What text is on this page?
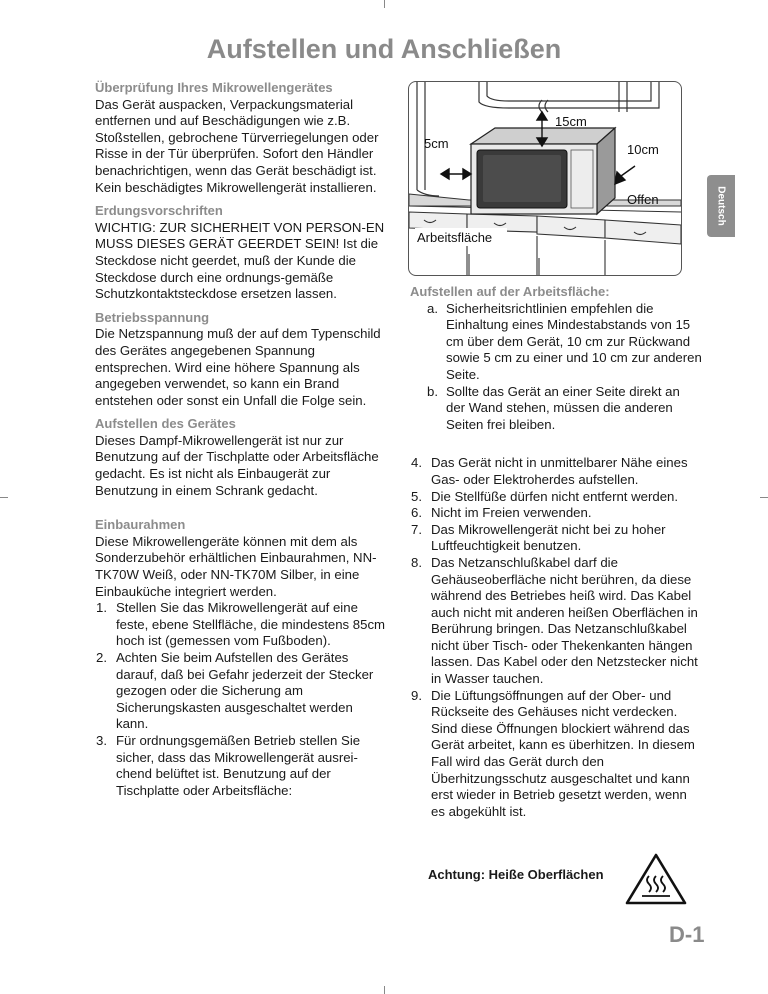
Aufstellen und Anschließen
Deutsch

Überprüfung Ihres Mikrowellengerätes

Das Gerät auspacken, Verpackungsmaterial entfernen und auf Beschädigungen wie z.B. Stoßstellen, gebrochene Türverriegelungen oder Risse in der Tür überprüfen. Sofort den Händler benachrichtigen, wenn das Gerät beschädigt ist. Kein beschädigtes Mikrowellengerät installieren.

Erdungsvorschriften

WICHTIG: ZUR SICHERHEIT VON PERSON-EN MUSS DIESES GERÄT GEERDET SEIN! Ist die Steckdose nicht geerdet, muß der Kunde die Steckdose durch eine ordnungs-gemäße Schutzkontaktsteckdose ersetzen lassen.

Betriebsspannung

Die Netzspannung muß der auf dem Typenschild des Gerätes angegebenen Spannung entsprechen. Wird eine höhere Spannung als angegeben verwendet, so kann ein Brand entstehen oder sonst ein Unfall die Folge sein.

Aufstellen des Gerätes

Dieses Dampf-Mikrowellengerät ist nur zur Benutzung auf der Tischplatte oder Arbeitsfläche gedacht. Es ist nicht als Einbaugerät zur Benutzung in einem Schrank gedacht.

Einbaurahmen

Diese Mikrowellengeräte können mit dem als Sonderzubehör erhältlichen Einbaurahmen, NN-TK70W Weiß, oder NN-TK70M Silber, in eine Einbauküche integriert werden.

1. Stellen Sie das Mikrowellengerät auf eine feste, ebene Stellfläche, die mindestens 85cm hoch ist (gemessen vom Fußboden).
2. Achten Sie beim Aufstellen des Gerätes darauf, daß bei Gefahr jederzeit der Stecker gezogen oder die Sicherung am Sicherungskasten ausgeschaltet werden kann.
3. Für ordnungsgemäßen Betrieb stellen Sie sicher, dass das Mikrowellengerät ausrei-chend belüftet ist. Benutzung auf der Tischplatte oder Arbeitsfläche:
15cm
5cm	10cm
Offen
Arbeitsfläche

Aufstellen auf der Arbeitsfläche:

a. Sicherheitsrichtlinien empfehlen die Einhaltung eines Mindestabstands von 15 cm über dem Gerät, 10 cm zur Rückwand sowie 5 cm zu einer und 10 cm zur anderen Seite.
b. Sollte das Gerät an einer Seite direkt an der Wand stehen, müssen die anderen Seiten frei bleiben.
4. Das Gerät nicht in unmittelbarer Nähe eines Gas- oder Elektroherdes aufstellen.
5. Die Stellfüße dürfen nicht entfernt werden.
6. Nicht im Freien verwenden.
7. Das Mikrowellengerät nicht bei zu hoher Luftfeuchtigkeit benutzen.
8. Das Netzanschlußkabel darf die Gehäuseoberfläche nicht berühren, da diese während des Betriebes heiß wird. Das Kabel auch nicht mit anderen heißen Oberflächen in Berührung bringen. Das Netzanschlußkabel nicht über Tisch- oder Thekenkanten hängen lassen. Das Kabel oder den Netzstecker nicht in Wasser tauchen.
9. Die Lüftungsöffnungen auf der Ober- und Rückseite des Gehäuses nicht verdecken. Sind diese Öffnungen blockiert während das Gerät arbeitet, kann es überhitzen. In diesem Fall wird das Gerät durch den Überhitzungsschutz ausgeschaltet und kann erst wieder in Betrieb gesetzt werden, wenn es abgekühlt ist.
Achtung: Heiße Oberflächen
D-1
